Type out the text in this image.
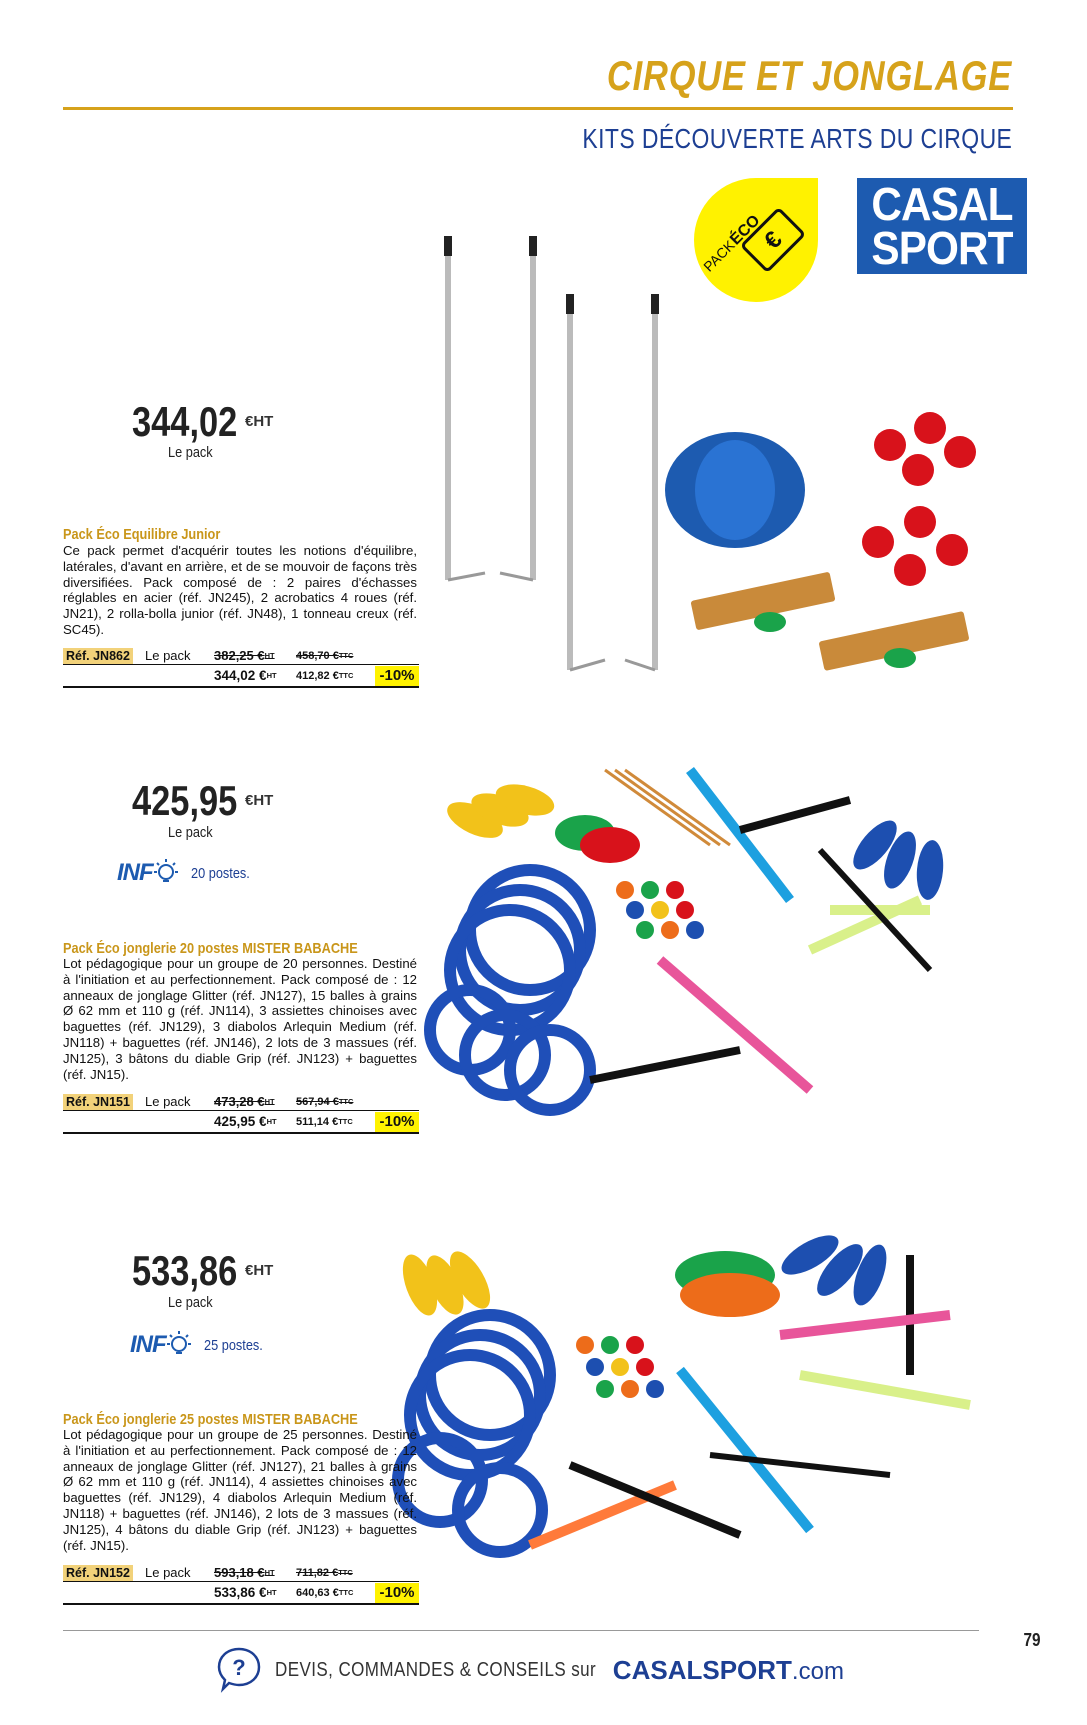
CIRQUE ET JONGLAGE
KITS DÉCOUVERTE ARTS DU CIRQUE
CASAL
SPORT
€
PACK
ÉCO
344,02 €HT
Le pack
Pack Éco Equilibre Junior
Ce pack permet d'acquérir toutes les notions d'équilibre, latérales, d'avant en arrière, et de se mouvoir de façons très diversifiées. Pack composé de : 2 paires d'échasses réglables en acier (réf. JN245), 2 acrobatics 4 roues (réf. JN21), 2 rolla-bolla junior (réf. JN48), 1 tonneau creux (réf. SC45).
Réf. JN862 Le pack 382,25 €$^{HT}$ 458,70 €$^{TTC}$
344,02 €$^{HT}$ 412,82 €$^{TTC}$ -10%
425,95 €HT
Le pack
INF	20 postes.
Pack Éco jonglerie 20 postes MISTER BABACHE
Lot pédagogique pour un groupe de 20 personnes. Destiné à l'initiation et au perfectionnement. Pack composé de : 12 anneaux de jonglage Glitter (réf. JN127), 15 balles à grains Ø 62 mm et 110 g (réf. JN114), 3 assiettes chinoises avec baguettes (réf. JN129), 3 diabolos Arlequin Medium (réf. JN118) + baguettes (réf. JN146), 2 lots de 3 massues (réf. JN125), 3 bâtons du diable Grip (réf. JN123) + baguettes (réf. JN15).
Réf. JN151 Le pack 473,28 €$^{HT}$ 567,94 €$^{TTC}$
425,95 €$^{HT}$ 511,14 €$^{TTC}$ -10%
533,86 €HT
Le pack
INF	25 postes.
Pack Éco jonglerie 25 postes MISTER BABACHE
Lot pédagogique pour un groupe de 25 personnes. Destiné à l'initiation et au perfectionnement. Pack composé de : 12 anneaux de jonglage Glitter (réf. JN127), 21 balles à grains Ø 62 mm et 110 g (réf. JN114), 4 assiettes chinoises avec baguettes (réf. JN129), 4 diabolos Arlequin Medium (réf. JN118) + baguettes (réf. JN146), 2 lots de 3 massues (réf. JN125), 4 bâtons du diable Grip (réf. JN123) + baguettes (réf. JN15).
Réf. JN152 Le pack 593,18 €$^{HT}$ 711,82 €$^{TTC}$
533,86 €$^{HT}$ 640,63 €$^{TTC}$ -10%
79
? DEVIS, COMMANDES & CONSEILS sur CASALSPORT.com
